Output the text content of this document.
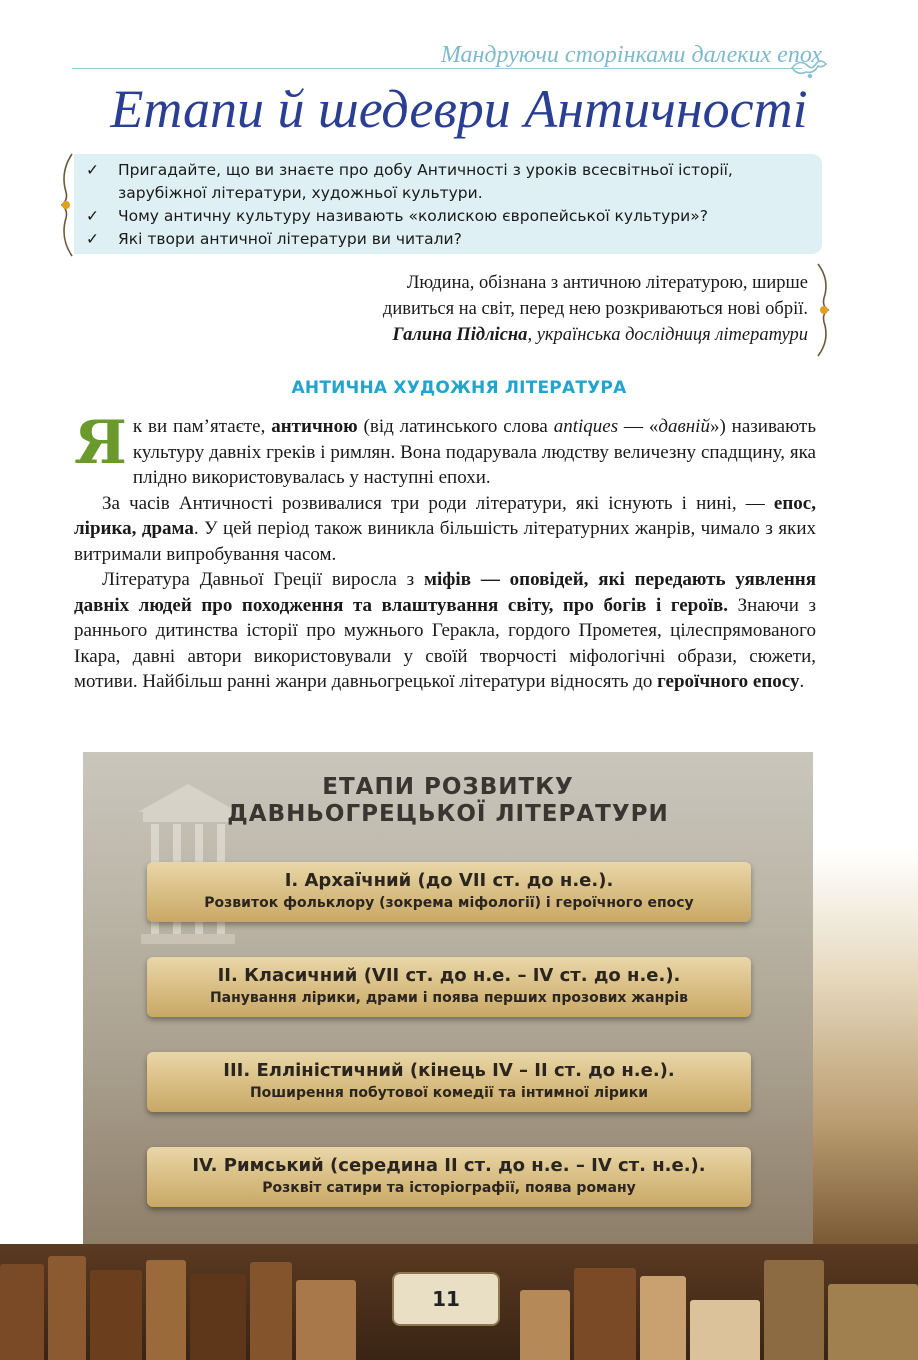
Мандруючи сторінками далеких епох
Етапи й шедеври Античності
✓ Пригадайте, що ви знаєте про добу Античності з уроків всесвітньої історії, зарубіжної літератури, художньої культури.
✓ Чому античну культуру називають «колискою європейської культури»?
✓ Які твори античної літератури ви читали?
Людина, обізнана з античною літературою, ширше
дивиться на світ, перед нею розкриваються нові обрії.
Галина Підлісна, українська дослідниця літератури
АНТИЧНА ХУДОЖНЯ ЛІТЕРАТУРА

Як ви пам’ятаєте, античною (від латинського слова antiques — «давній») називають культуру давніх греків і римлян. Вона подарувала людству величезну спадщину, яка плідно використовувалась у наступні епохи.

За часів Античності розвивалися три роди літератури, які існують і нині, — епос, лірика, драма. У цей період також виникла більшість літературних жанрів, чимало з яких витримали випробування часом.

Література Давньої Греції виросла з міфів — оповідей, які передають уявлення давніх людей про походження та влаштування світу, про богів і героїв. Знаючи з раннього дитинства історії про мужнього Геракла, гордого Прометея, цілеспрямованого Ікара, давні автори використовували у своїй творчості міфологічні образи, сюжети, мотиви. Найбільш ранні жанри давньогрецької літератури відносять до героїчного епосу.

ЕТАПИ РОЗВИТКУ
ДАВНЬОГРЕЦЬКОЇ ЛІТЕРАТУРИ
І. Архаїчний (до VII ст. до н.е.).
Розвиток фольклору (зокрема міфології) і героїчного епосу
ІІ. Класичний (VII ст. до н.е. – IV ст. до н.е.).
Панування лірики, драми і поява перших прозових жанрів
ІІІ. Елліністичний (кінець IV – II ст. до н.е.).
Поширення побутової комедії та інтимної лірики
IV. Римський (середина II ст. до н.е. – IV ст. н.е.).
Розквіт сатири та історіографії, поява роману
11
